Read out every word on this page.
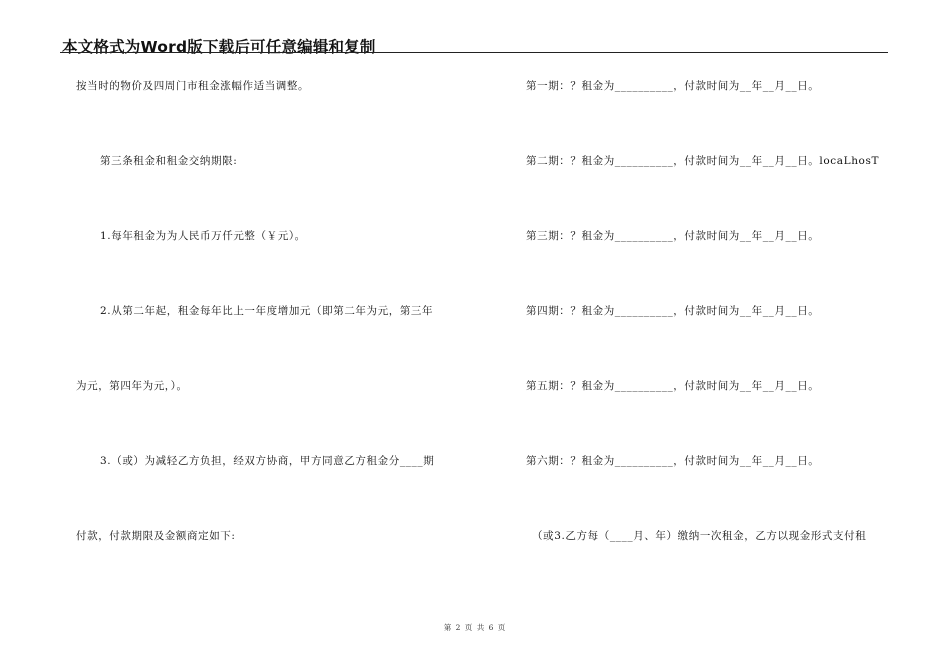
本文格式为Word版下载后可任意编辑和复制
按当时的物价及四周门市租金涨幅作适当调整。
第三条租金和租金交纳期限:
1.每年租金为为人民币万仟元整（￥元）。
2.从第二年起，租金每年比上一年度增加元（即第二年为元，第三年
为元，第四年为元，）。
3.（或）为减轻乙方负担，经双方协商，甲方同意乙方租金分____期
付款，付款期限及金额商定如下:
第一期：？租金为__________，付款时间为__年__月__日。
第二期：？租金为__________，付款时间为__年__月__日。locaLhosT
第三期：？租金为__________，付款时间为__年__月__日。
第四期：？租金为__________，付款时间为__年__月__日。
第五期：？租金为__________，付款时间为__年__月__日。
第六期：？租金为__________，付款时间为__年__月__日。
（或3.乙方每（____月、年）缴纳一次租金，乙方以现金形式支付租
第 2 页 共 6 页
